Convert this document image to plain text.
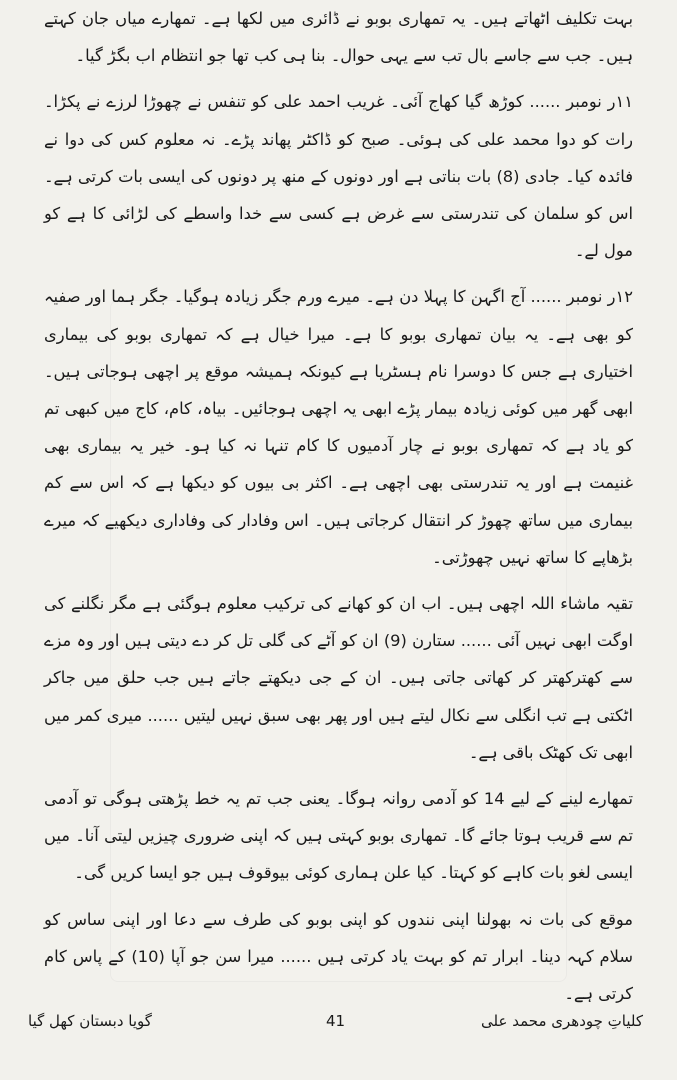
بہت تکلیف اٹھاتے ہیں۔ یہ تمھاری بوبو نے ڈائری میں لکھا ہے۔ تمھارے میاں جان کہتے ہیں۔ جب سے جاسے بال تب سے یہی حوال۔ بنا ہی کب تھا جو انتظام اب بگڑ گیا۔

۱۱ر نومبر ...... کوڑھ گیا کھاج آئی۔ غریب احمد علی کو تنفس نے چھوڑا لرزے نے پکڑا۔ رات کو دوا محمد علی کی ہوئی۔ صبح کو ڈاکٹر پھاند پڑے۔ نہ معلوم کس کی دوا نے فائدہ کیا۔ جادی (8) بات بناتی ہے اور دونوں کے منھ پر دونوں کی ایسی بات کرتی ہے۔ اس کو سلمان کی تندرستی سے غرض ہے کسی سے خدا واسطے کی لڑائی کا ہے کو مول لے۔

۱۲ر نومبر ...... آج اگہن کا پہلا دن ہے۔ میرے ورم جگر زیادہ ہوگیا۔ جگر ہما اور صفیہ کو بھی ہے۔ یہ بیان تمھاری بوبو کا ہے۔ میرا خیال ہے کہ تمھاری بوبو کی بیماری اختیاری ہے جس کا دوسرا نام ہسٹریا ہے کیونکہ ہمیشہ موقع پر اچھی ہوجاتی ہیں۔ ابھی گھر میں کوئی زیادہ بیمار پڑے ابھی یہ اچھی ہوجائیں۔ بیاہ، کام، کاج میں کبھی تم کو یاد ہے کہ تمھاری بوبو نے چار آدمیوں کا کام تنہا نہ کیا ہو۔ خیر یہ بیماری بھی غنیمت ہے اور یہ تندرستی بھی اچھی ہے۔ اکثر بی بیوں کو دیکھا ہے کہ اس سے کم بیماری میں ساتھ چھوڑ کر انتقال کرجاتی ہیں۔ اس وفادار کی وفاداری دیکھیے کہ میرے بڑھاپے کا ساتھ نہیں چھوڑتی۔

تقیہ ماشاء اللہ اچھی ہیں۔ اب ان کو کھانے کی ترکیب معلوم ہوگئی ہے مگر نگلنے کی اوگت ابھی نہیں آئی ...... ستارن (9) ان کو آٹے کی گلی تل کر دے دیتی ہیں اور وہ مزے سے کھترکھتر کر کھاتی جاتی ہیں۔ ان کے جی دیکھتے جاتے ہیں جب حلق میں جاکر اٹکتی ہے تب انگلی سے نکال لیتے ہیں اور پھر بھی سبق نہیں لیتیں ...... میری کمر میں ابھی تک کھٹک باقی ہے۔

تمھارے لینے کے لیے 14 کو آدمی روانہ ہوگا۔ یعنی جب تم یہ خط پڑھتی ہوگی تو آدمی تم سے قریب ہوتا جائے گا۔ تمھاری بوبو کہتی ہیں کہ اپنی ضروری چیزیں لیتی آنا۔ میں ایسی لغو بات کاہے کو کہتا۔ کیا علن ہماری کوئی بیوقوف ہیں جو ایسا کریں گی۔

موقع کی بات نہ بھولنا اپنی نندوں کو اپنی بوبو کی طرف سے دعا اور اپنی ساس کو سلام کہہ دینا۔ ابرار تم کو بہت یاد کرتی ہیں ...... میرا سن جو آپا (10) کے پاس کام کرتی ہے۔

کلیاتِ چودھری محمد علی
41
گویا دبستان کھل گیا
